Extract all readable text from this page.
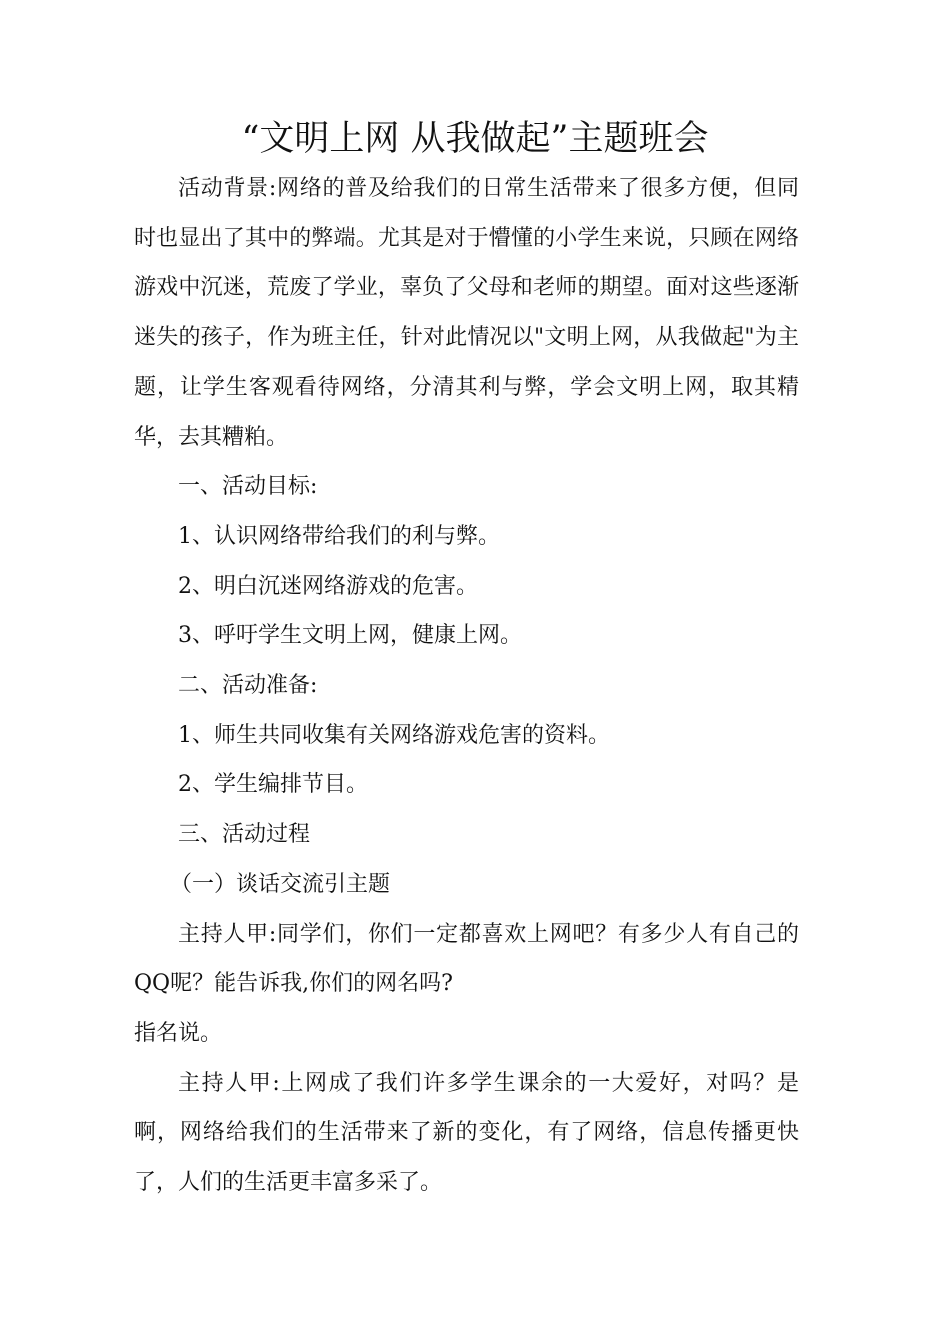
“文明上网 从我做起”主题班会

活动背景:网络的普及给我们的日常生活带来了很多方便，但同时也显出了其中的弊端。尤其是对于懵懂的小学生来说，只顾在网络游戏中沉迷，荒废了学业，辜负了父母和老师的期望。面对这些逐渐迷失的孩子，作为班主任，针对此情况以"文明上网，从我做起"为主题，让学生客观看待网络，分清其利与弊，学会文明上网，取其精华，去其糟粕。

一、活动目标:

1、认识网络带给我们的利与弊。

2、明白沉迷网络游戏的危害。

3、呼吁学生文明上网，健康上网。

二、活动准备:

1、师生共同收集有关网络游戏危害的资料。

2、学生编排节目。

三、活动过程

（一）谈话交流引主题

主持人甲:同学们，你们一定都喜欢上网吧？有多少人有自己的QQ呢？能告诉我,你们的网名吗?

指名说。

主持人甲:上网成了我们许多学生课余的一大爱好，对吗？是啊，网络给我们的生活带来了新的变化，有了网络，信息传播更快了，人们的生活更丰富多采了。
